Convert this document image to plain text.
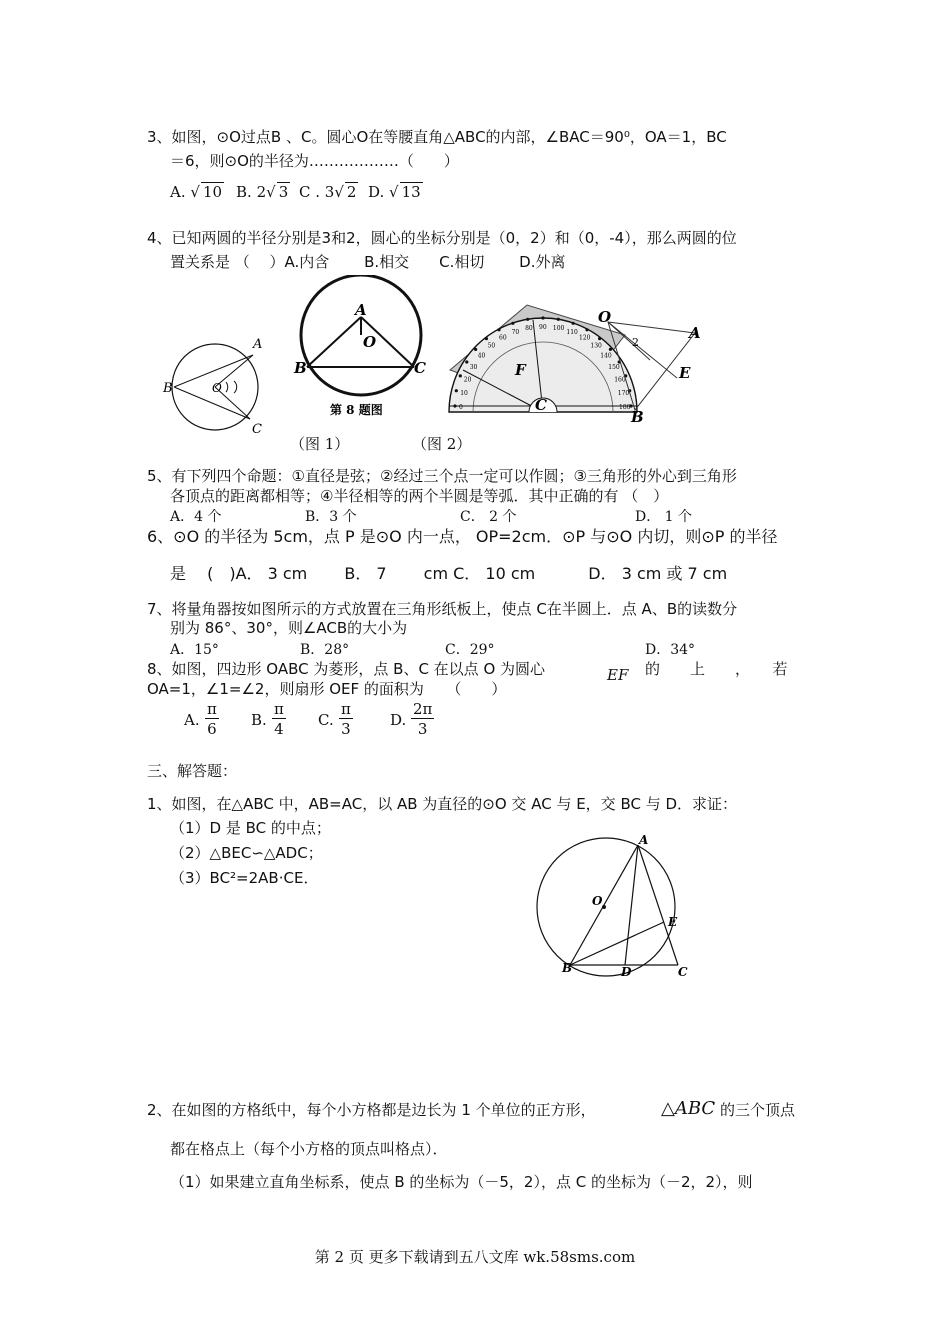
3、如图，⊙O过点B 、C。圆心O在等腰直角△ABC的内部，∠BAC＝90⁰，OA＝1，BC
＝6，则⊙O的半径为………………（　　）
A. √ 10 B. 2√ 3 C . 3√ 2 D. √ 13
4、已知两圆的半径分别是3和2，圆心的坐标分别是（0，2）和（0，-4），那么两圆的位
置关系是 （　 ）A.内含　　 B.相交　　C.相切　　 D.外离
A
B
C
O
A
O
B	C
第 8 题图	0
10
20
30
40
50
60
70
80 90 100
110
120
130
140
150
160
170
180
O
A
E
F
C
B
2
（图 1）	（图 2）
5、有下列四个命题：①直径是弦；②经过三个点一定可以作圆；③三角形的外心到三角形
各顶点的距离都相等；④半径相等的两个半圆是等弧．其中正确的有 （　）
A．4 个	B．3 个	C． 2 个	D． 1 个
6、⊙O 的半径为 5cm，点 P 是⊙O 内一点， OP=2cm．⊙P 与⊙O 内切，则⊙P 的半径
是　 (　)A． 3 cm　　 B． 7 　　cm C． 10 cm　　　 D． 3 cm 或 7 cm
7、将量角器按如图所示的方式放置在三角形纸板上，使点 C在半圆上．点 A、B的读数分
别为 86°、30°，则∠ACB的大小为
A．15°	B．28°	C．29°	D．34°
8、如图，四边形 OABC 为菱形，点 B、C 在以点 O 为圆心	EF 的　　上　　，　　若
OA=1，∠1=∠2，则扇形 OEF 的面积为　　（　　）
A. $\frac{\pi}{6} B$. $\frac{\pi}{4} C$. $\frac{\pi}{3} D$. $\frac{2\pi}{3}$
三、解答题：
1、如图，在△ABC 中，AB=AC，以 AB 为直径的⊙O 交 AC 与 E，交 BC 与 D．求证：
（1）D 是 BC 的中点；
（2）△BEC∽△ADC；
（3）BC²=2AB·CE．
A
O
E
B	D	C
2、在如图的方格纸中，每个小方格都是边长为 1 个单位的正方形，	△ABC 的三个顶点
都在格点上（每个小方格的顶点叫格点）．
（1）如果建立直角坐标系，使点 B 的坐标为（－5，2），点 C 的坐标为（－2，2），则
第 2 页 更多下载请到五八文库 wk.58sms.com
